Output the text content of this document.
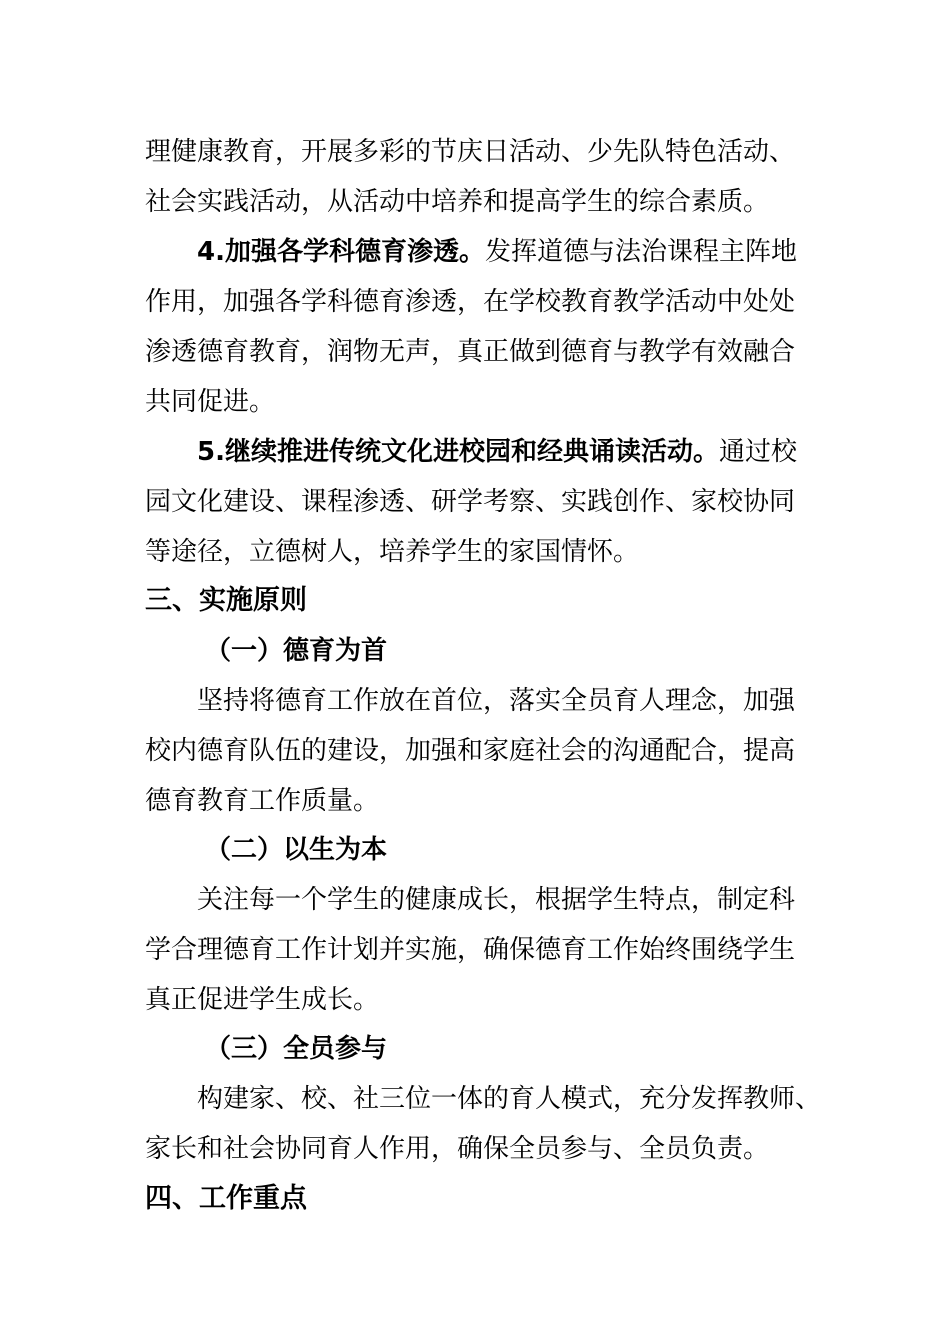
理健康教育，开展多彩的节庆日活动、少先队特色活动、
社会实践活动，从活动中培养和提高学生的综合素质。
4.加强各学科德育渗透。发挥道德与法治课程主阵地
作用，加强各学科德育渗透，在学校教育教学活动中处处
渗透德育教育，润物无声，真正做到德育与教学有效融合
共同促进。
5.继续推进传统文化进校园和经典诵读活动。通过校
园文化建设、课程渗透、研学考察、实践创作、家校协同
等途径，立德树人，培养学生的家国情怀。
三、实施原则
（一）德育为首
坚持将德育工作放在首位，落实全员育人理念，加强
校内德育队伍的建设，加强和家庭社会的沟通配合，提高
德育教育工作质量。
（二）以生为本
关注每一个学生的健康成长，根据学生特点，制定科
学合理德育工作计划并实施，确保德育工作始终围绕学生
真正促进学生成长。
（三）全员参与
构建家、校、社三位一体的育人模式，充分发挥教师、
家长和社会协同育人作用，确保全员参与、全员负责。
四、工作重点
